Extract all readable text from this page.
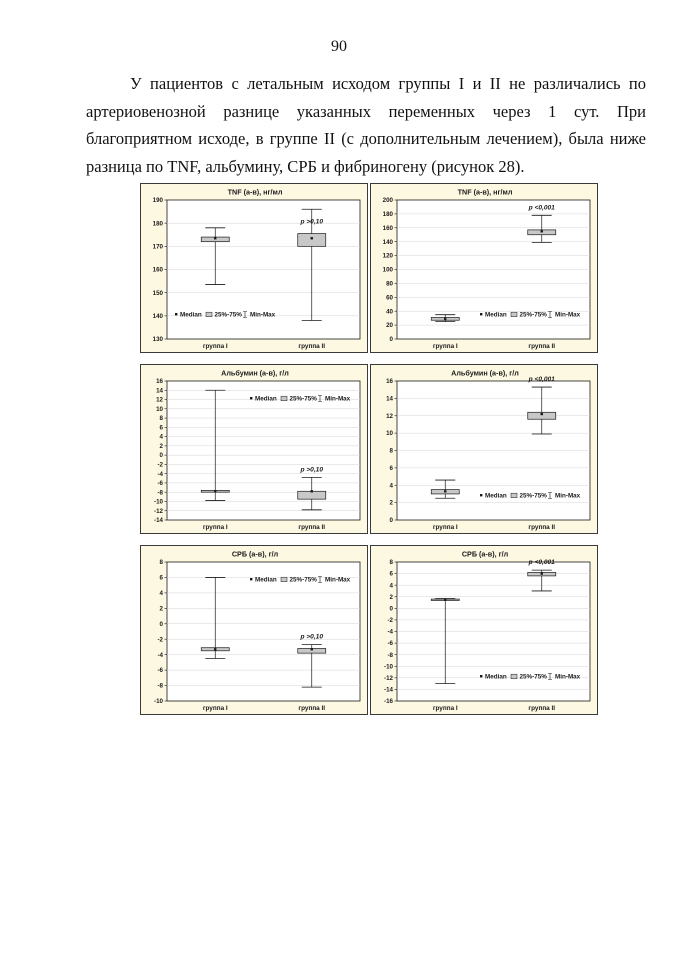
90
У пациентов с летальным исходом группы I и II не различались по
артериовенозной разнице указанных переменных через 1 сут. При
благоприятном исходе, в группе II (с дополнительным лечением), была ниже
разница по TNF, альбумину, СРБ и фибриногену (рисунок 28).
TNF (а-в), нг/мл
130
140
150
160
170
180
190
группа I	группа II
p >0,10
Median 25%-75% Min-Max
TNF (а-в), нг/мл
0
20
40
60
80
100
120
140
160
180
200
группа I	группа II
p <0,001
Median 25%-75% Min-Max
Альбумин (а-в), г/л
-14
-12
-10
-8
-6
-4
-2
0
2
4
6
8
10
12
14
16
группа I	группа II
p >0,10
Median 25%-75% Min-Max
Альбумин (а-в), г/л
0
2
4
6
8
10
12
14
16
группа I	группа II
p <0,001
Median 25%-75% Min-Max
СРБ (а-в), г/л
-10
-8
-6
-4
-2
0
2
4
6
8
группа I	группа II
p >0,10
Median 25%-75% Min-Max
СРБ (а-в), г/л
-16
-14
-12
-10
-8
-6
-4
-2
0
2
4
6
8
группа I	группа II
p <0,001
Median 25%-75% Min-Max
